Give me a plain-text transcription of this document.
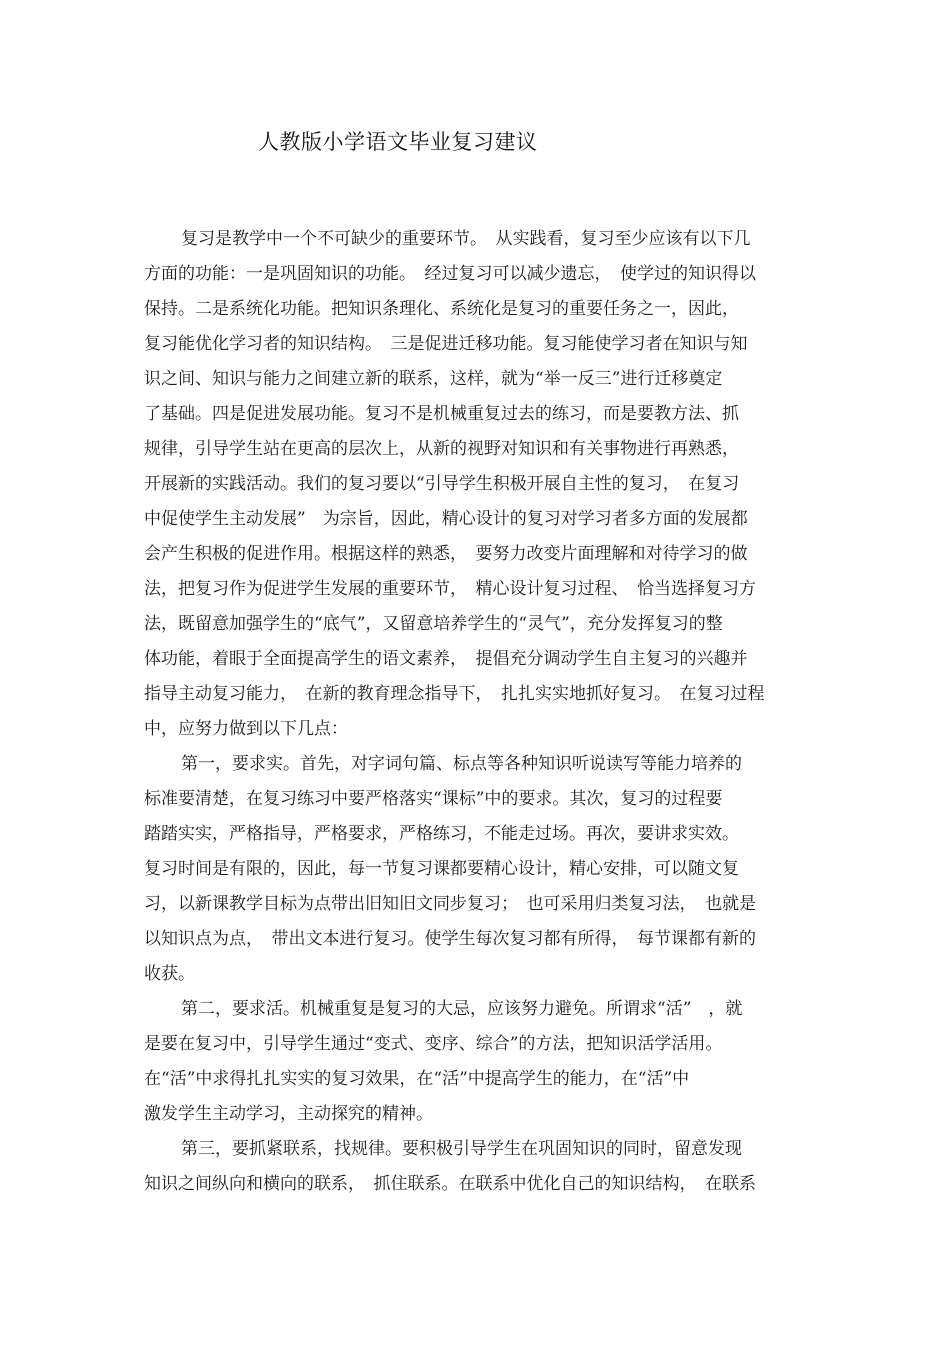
人教版小学语文毕业复习建议
复习是教学中一个不可缺少的重要环节。　从实践看，复习至少应该有以下几
方面的功能：一是巩固知识的功能。　经过复习可以减少遗忘，　使学过的知识得以
保持。二是系统化功能。把知识条理化、系统化是复习的重要任务之一，因此，
复习能优化学习者的知识结构。　三是促进迁移功能。复习能使学习者在知识与知
识之间、知识与能力之间建立新的联系，这样，就为“举一反三”进行迁移奠定
了基础。四是促进发展功能。复习不是机械重复过去的练习，而是要教方法、抓
规律，引导学生站在更高的层次上，从新的视野对知识和有关事物进行再熟悉，
开展新的实践活动。我们的复习要以“引导学生积极开展自主性的复习，　在复习
中促使学生主动发展”　为宗旨，因此，精心设计的复习对学习者多方面的发展都
会产生积极的促进作用。根据这样的熟悉，　要努力改变片面理解和对待学习的做
法，把复习作为促进学生发展的重要环节，　精心设计复习过程、　恰当选择复习方
法，既留意加强学生的“底气”，又留意培养学生的“灵气”，充分发挥复习的整
体功能，着眼于全面提高学生的语文素养，　提倡充分调动学生自主复习的兴趣并
指导主动复习能力，　在新的教育理念指导下，　扎扎实实地抓好复习。　在复习过程
中，应努力做到以下几点：
第一，要求实。首先，对字词句篇、标点等各种知识听说读写等能力培养的
标准要清楚，在复习练习中要严格落实“课标”中的要求。其次，复习的过程要
踏踏实实，严格指导，严格要求，严格练习，不能走过场。再次，要讲求实效。
复习时间是有限的，因此，每一节复习课都要精心设计，精心安排，可以随文复
习，以新课教学目标为点带出旧知旧文同步复习；　也可采用归类复习法，　也就是
以知识点为点，　带出文本进行复习。使学生每次复习都有所得，　每节课都有新的
收获。
第二，要求活。机械重复是复习的大忌，应该努力避免。所谓求“活”　，就
是要在复习中，引导学生通过“变式、变序、综合”的方法，把知识活学活用。
在“活”中求得扎扎实实的复习效果，在“活”中提高学生的能力，在“活”中
激发学生主动学习，主动探究的精神。
第三，要抓紧联系，找规律。要积极引导学生在巩固知识的同时，留意发现
知识之间纵向和横向的联系，　抓住联系。在联系中优化自己的知识结构，　在联系
